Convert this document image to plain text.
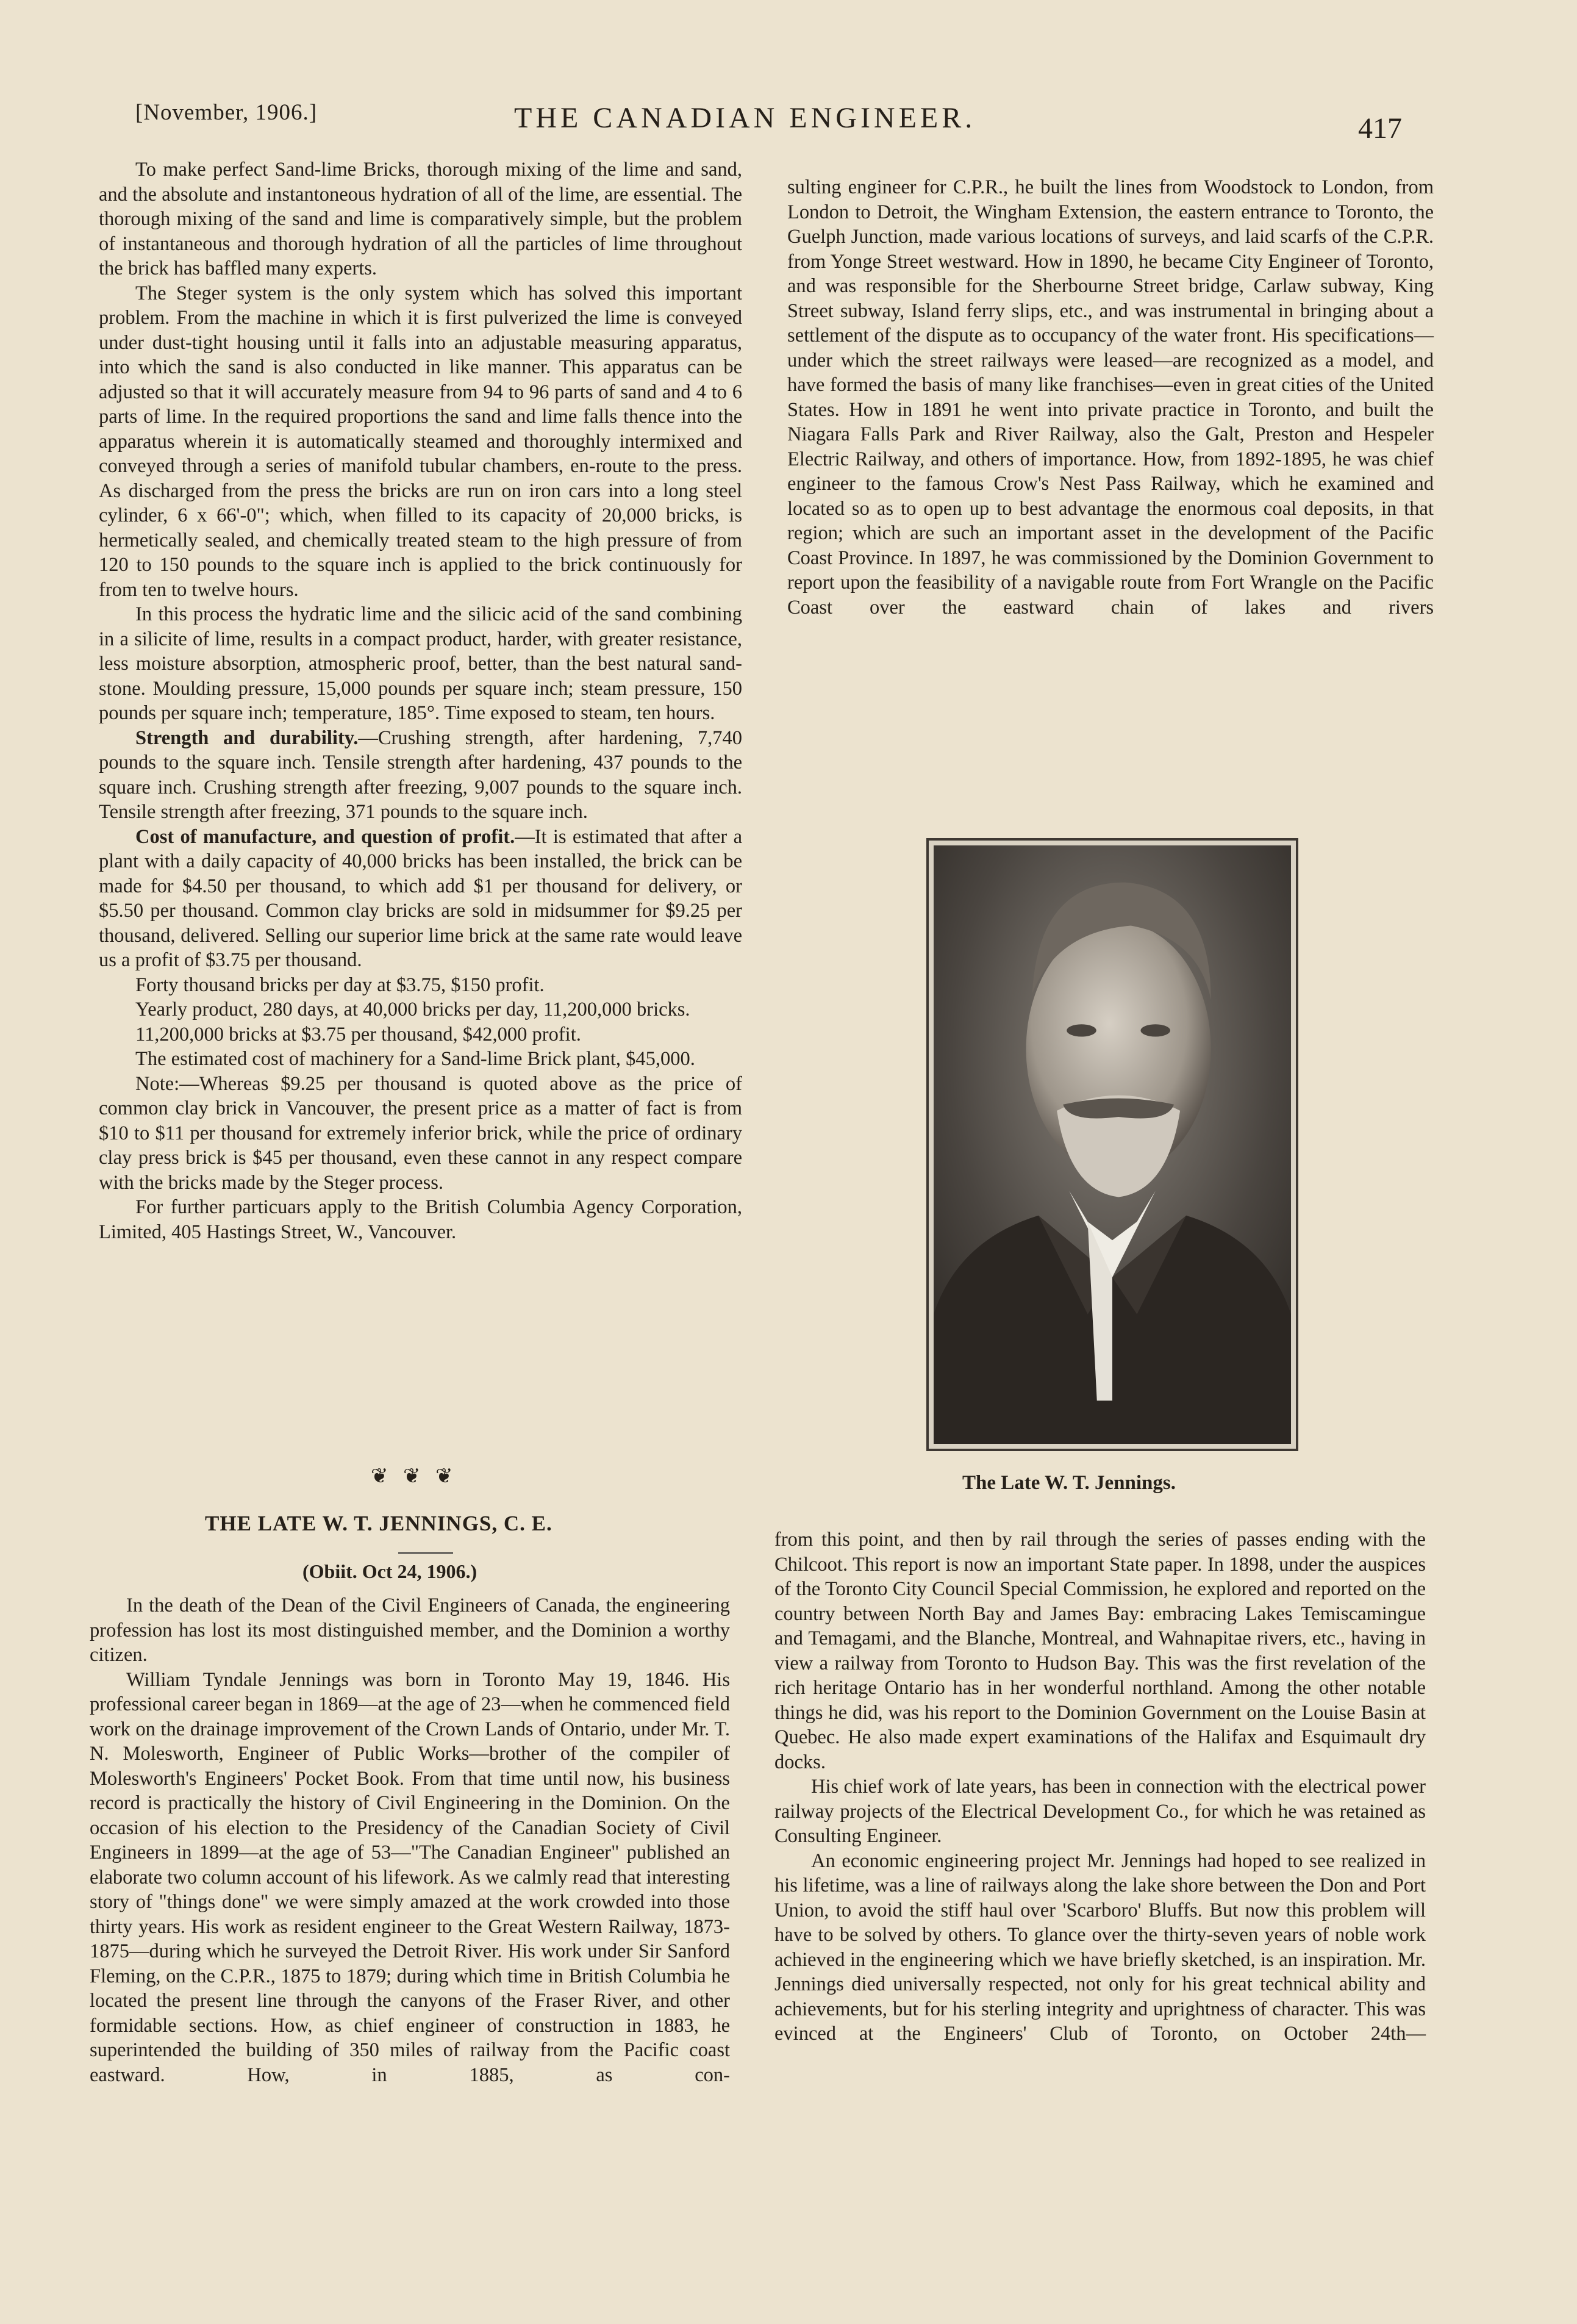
[November, 1906.]	THE CANADIAN ENGINEER.	417

To make perfect Sand-lime Bricks, thorough mixing of the lime and sand, and the absolute and instantoneous hydration of all of the lime, are essential. The thorough mixing of the sand and lime is comparatively simple, but the problem of instantaneous and thorough hydration of all the particles of lime throughout the brick has baffled many experts.

The Steger system is the only system which has solved this important problem. From the machine in which it is first pulverized the lime is conveyed under dust-tight housing until it falls into an adjustable measuring apparatus, into which the sand is also conducted in like manner. This apparatus can be adjusted so that it will accurately measure from 94 to 96 parts of sand and 4 to 6 parts of lime. In the required proportions the sand and lime falls thence into the apparatus wherein it is automatically steamed and thoroughly intermixed and conveyed through a series of manifold tubular chambers, en-route to the press. As discharged from the press the bricks are run on iron cars into a long steel cylinder, 6 x 66'-0"; which, when filled to its capacity of 20,000 bricks, is hermetically sealed, and chemically treated steam to the high pressure of from 120 to 150 pounds to the square inch is applied to the brick continuously for from ten to twelve hours.

In this process the hydratic lime and the silicic acid of the sand combining in a silicite of lime, results in a compact product, harder, with greater resistance, less moisture absorption, atmospheric proof, better, than the best natural sand-stone. Moulding pressure, 15,000 pounds per square inch; steam pressure, 150 pounds per square inch; temperature, 185°. Time exposed to steam, ten hours.

Strength and durability.—Crushing strength, after hardening, 7,740 pounds to the square inch. Tensile strength after hardening, 437 pounds to the square inch. Crushing strength after freezing, 9,007 pounds to the square inch. Tensile strength after freezing, 371 pounds to the square inch.

Cost of manufacture, and question of profit.—It is estimated that after a plant with a daily capacity of 40,000 bricks has been installed, the brick can be made for $4.50 per thousand, to which add $1 per thousand for delivery, or $5.50 per thousand. Common clay bricks are sold in midsummer for $9.25 per thousand, delivered. Selling our superior lime brick at the same rate would leave us a profit of $3.75 per thousand.

Forty thousand bricks per day at $3.75, $150 profit.

Yearly product, 280 days, at 40,000 bricks per day, 11,200,000 bricks.

11,200,000 bricks at $3.75 per thousand, $42,000 profit.

The estimated cost of machinery for a Sand-lime Brick plant, $45,000.

Note:—Whereas $9.25 per thousand is quoted above as the price of common clay brick in Vancouver, the present price as a matter of fact is from $10 to $11 per thousand for extremely inferior brick, while the price of ordinary clay press brick is $45 per thousand, even these cannot in any respect compare with the bricks made by the Steger process.

For further particuars apply to the British Columbia Agency Corporation, Limited, 405 Hastings Street, W., Vancouver.

❦ ❦ ❦
THE LATE W. T. JENNINGS, C. E.
(Obiit. Oct 24, 1906.)

In the death of the Dean of the Civil Engineers of Canada, the engineering profession has lost its most distinguished member, and the Dominion a worthy citizen.

William Tyndale Jennings was born in Toronto May 19, 1846. His professional career began in 1869—at the age of 23—when he commenced field work on the drainage improvement of the Crown Lands of Ontario, under Mr. T. N. Molesworth, Engineer of Public Works—brother of the compiler of Molesworth's Engineers' Pocket Book. From that time until now, his business record is practically the history of Civil Engineering in the Dominion. On the occasion of his election to the Presidency of the Canadian Society of Civil Engineers in 1899—at the age of 53—"The Canadian Engineer" published an elaborate two column account of his lifework. As we calmly read that interesting story of "things done" we were simply amazed at the work crowded into those thirty years. His work as resident engineer to the Great Western Railway, 1873-1875—during which he surveyed the Detroit River. His work under Sir Sanford Fleming, on the C.P.R., 1875 to 1879; during which time in British Columbia he located the present line through the canyons of the Fraser River, and other formidable sections. How, as chief engineer of construction in 1883, he superintended the building of 350 miles of railway from the Pacific coast eastward. How, in 1885, as con-

sulting engineer for C.P.R., he built the lines from Woodstock to London, from London to Detroit, the Wingham Extension, the eastern entrance to Toronto, the Guelph Junction, made various locations of surveys, and laid scarfs of the C.P.R. from Yonge Street westward. How in 1890, he became City Engineer of Toronto, and was responsible for the Sherbourne Street bridge, Carlaw subway, King Street subway, Island ferry slips, etc., and was instrumental in bringing about a settlement of the dispute as to occupancy of the water front. His specifications—under which the street railways were leased—are recognized as a model, and have formed the basis of many like franchises—even in great cities of the United States. How in 1891 he went into private practice in Toronto, and built the Niagara Falls Park and River Railway, also the Galt, Preston and Hespeler Electric Railway, and others of importance. How, from 1892-1895, he was chief engineer to the famous Crow's Nest Pass Railway, which he examined and located so as to open up to best advantage the enormous coal deposits, in that region; which are such an important asset in the development of the Pacific Coast Province. In 1897, he was commissioned by the Dominion Government to report upon the feasibility of a navigable route from Fort Wrangle on the Pacific Coast over the eastward chain of lakes and rivers

The Late W. T. Jennings.

from this point, and then by rail through the series of passes ending with the Chilcoot. This report is now an important State paper. In 1898, under the auspices of the Toronto City Council Special Commission, he explored and reported on the country between North Bay and James Bay: embracing Lakes Temiscamingue and Temagami, and the Blanche, Montreal, and Wahnapitae rivers, etc., having in view a railway from Toronto to Hudson Bay. This was the first revelation of the rich heritage Ontario has in her wonderful northland. Among the other notable things he did, was his report to the Dominion Government on the Louise Basin at Quebec. He also made expert examinations of the Halifax and Esquimault dry docks.

His chief work of late years, has been in connection with the electrical power railway projects of the Electrical Development Co., for which he was retained as Consulting Engineer.

An economic engineering project Mr. Jennings had hoped to see realized in his lifetime, was a line of railways along the lake shore between the Don and Port Union, to avoid the stiff haul over 'Scarboro' Bluffs. But now this problem will have to be solved by others. To glance over the thirty-seven years of noble work achieved in the engineering which we have briefly sketched, is an inspiration. Mr. Jennings died universally respected, not only for his great technical ability and achievements, but for his sterling integrity and uprightness of character. This was evinced at the Engineers' Club of Toronto, on October 24th—
